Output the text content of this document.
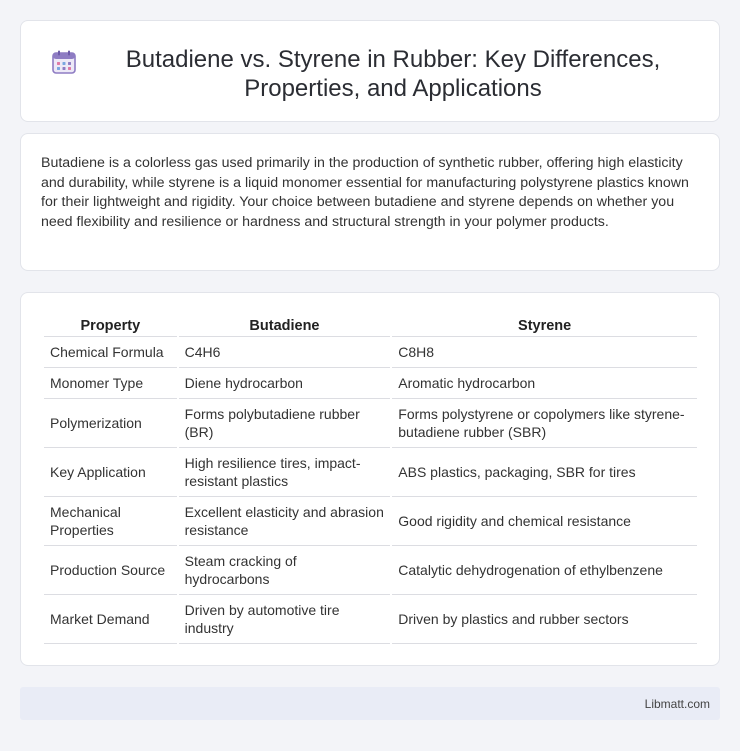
Butadiene vs. Styrene in Rubber: Key Differences, Properties, and Applications

Butadiene is a colorless gas used primarily in the production of synthetic rubber, offering high elasticity and durability, while styrene is a liquid monomer essential for manufacturing polystyrene plastics known for their lightweight and rigidity. Your choice between butadiene and styrene depends on whether you need flexibility and resilience or hardness and structural strength in your polymer products.

Property	Butadiene	Styrene
Chemical Formula	C4H6	C8H8
Monomer Type	Diene hydrocarbon	Aromatic hydrocarbon
Polymerization	Forms polybutadiene rubber (BR)	Forms polystyrene or copolymers like styrene-butadiene rubber (SBR)
Key Application	High resilience tires, impact-resistant plastics	ABS plastics, packaging, SBR for tires
Mechanical Properties	Excellent elasticity and abrasion resistance	Good rigidity and chemical resistance
Production Source	Steam cracking of hydrocarbons	Catalytic dehydrogenation of ethylbenzene
Market Demand	Driven by automotive tire industry	Driven by plastics and rubber sectors
Libmatt.com
